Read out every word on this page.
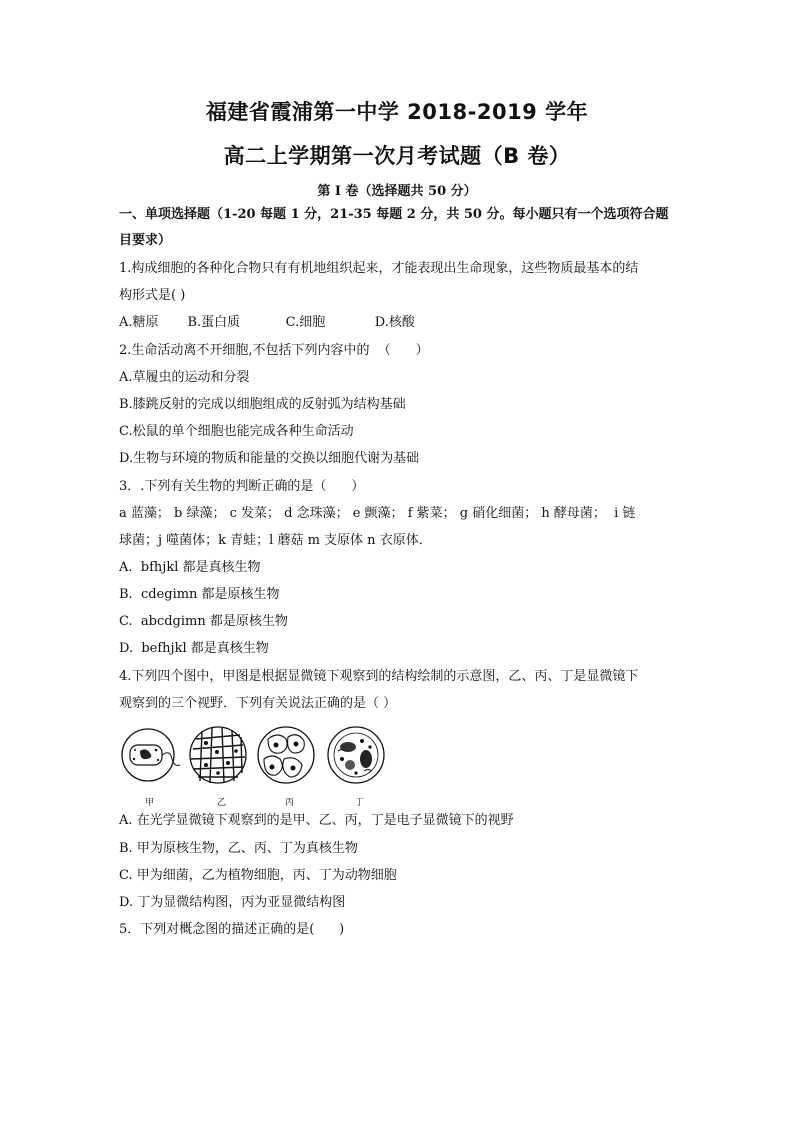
福建省霞浦第一中学 2018-2019 学年
高二上学期第一次月考试题（B 卷）
第 I 卷（选择题共 50 分）
一、单项选择题（1-20 每题 1 分，21-35 每题 2 分，共 50 分。每小题只有一个选项符合题
目要求）
1.构成细胞的各种化合物只有有机地组织起来，才能表现出生命现象，这些物质最基本的结
构形式是( )
A.糖原       B.蛋白质           C.细胞            D.核酸
2.生命活动离不开细胞,不包括下列内容中的  （      ）
A.草履虫的运动和分裂
B.膝跳反射的完成以细胞组成的反射弧为结构基础
C.松鼠的单个细胞也能完成各种生命活动
D.生物与环境的物质和能量的交换以细胞代谢为基础
3．.下列有关生物的判断正确的是（      ）
a 蓝藻； b 绿藻； c 发菜； d 念珠藻； e 颤藻； f 紫菜； g 硝化细菌； h 酵母菌；  i 链
球菌；j 噬菌体；k 青蛙；l 蘑菇 m 支原体 n 衣原体．
A.  bfhjkl 都是真核生物
B.  cdegimn 都是原核生物
C.  abcdgimn 都是原核生物
D.  befhjkl 都是真核生物
4.下列四个图中，甲图是根据显微镜下观察到的结构绘制的示意图，乙、丙、丁是显微镜下
观察到的三个视野．下列有关说法正确的是（ ）
甲	乙	丙	丁
A. 在光学显微镜下观察到的是甲、乙、丙，丁是电子显微镜下的视野
B. 甲为原核生物，乙、丙、丁为真核生物
C. 甲为细菌，乙为植物细胞，丙、丁为动物细胞
D. 丁为显微结构图，丙为亚显微结构图
5．下列对概念图的描述正确的是(      )
